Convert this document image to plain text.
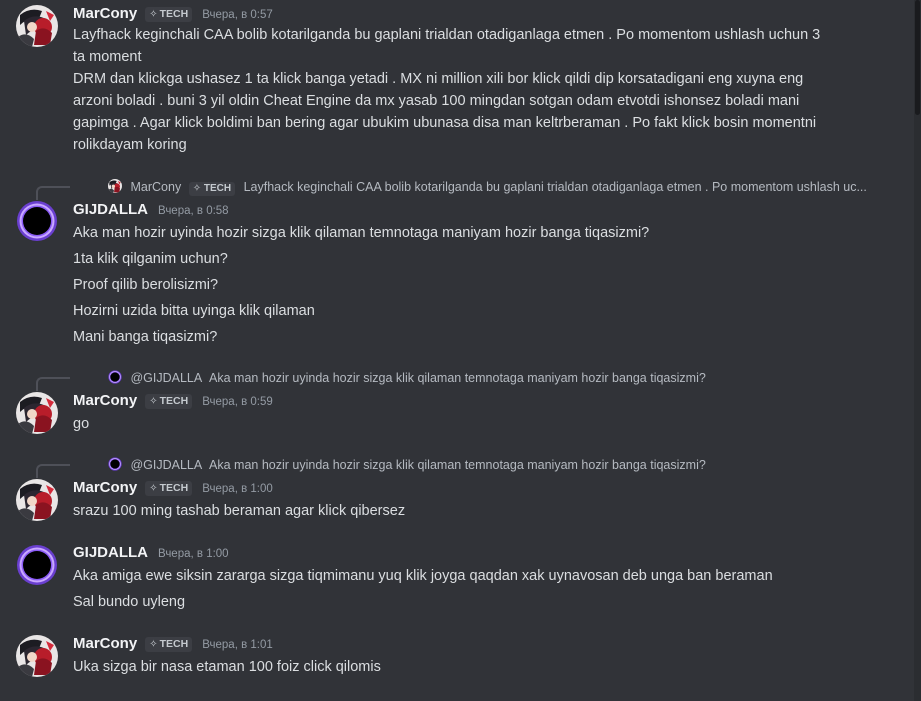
MarCony ✧ TECH Вчера, в 0:57
Layfhack keginchali CAA bolib kotarilganda bu gaplani trialdan otadiganlaga etmen . Po momentom ushlash uchun 3
ta moment
DRM dan klickga ushasez 1 ta klick banga yetadi . MX ni million xili bor klick qildi dip korsatadigani eng xuyna eng
arzoni boladi . buni 3 yil oldin Cheat Engine da mx yasab 100 mingdan sotgan odam etvotdi ishonsez boladi mani
gapimga . Agar klick boldimi ban bering agar ubukim ubunasa disa man keltrberaman . Po fakt klick bosin momentni
rolikdayam koring
MarCony ✧ TECH Layfhack keginchali CAA bolib kotarilganda bu gaplani trialdan otadiganlaga etmen . Po momentom ushlash uc...
GIJDALLA Вчера, в 0:58
Aka man hozir uyinda hozir sizga klik qilaman temnotaga maniyam hozir banga tiqasizmi?
1ta klik qilganim uchun?
Proof qilib berolisizmi?
Hozirni uzida bitta uyinga klik qilaman
Mani banga tiqasizmi?
@GIJDALLA Aka man hozir uyinda hozir sizga klik qilaman temnotaga maniyam hozir banga tiqasizmi?
MarCony ✧ TECH Вчера, в 0:59
go
@GIJDALLA Aka man hozir uyinda hozir sizga klik qilaman temnotaga maniyam hozir banga tiqasizmi?
MarCony ✧ TECH Вчера, в 1:00
srazu 100 ming tashab beraman agar klick qibersez
GIJDALLA Вчера, в 1:00
Aka amiga ewe siksin zararga sizga tiqmimanu yuq klik joyga qaqdan xak uynavosan deb unga ban beraman
Sal bundo uyleng
MarCony ✧ TECH Вчера, в 1:01
Uka sizga bir nasa etaman 100 foiz click qilomis
